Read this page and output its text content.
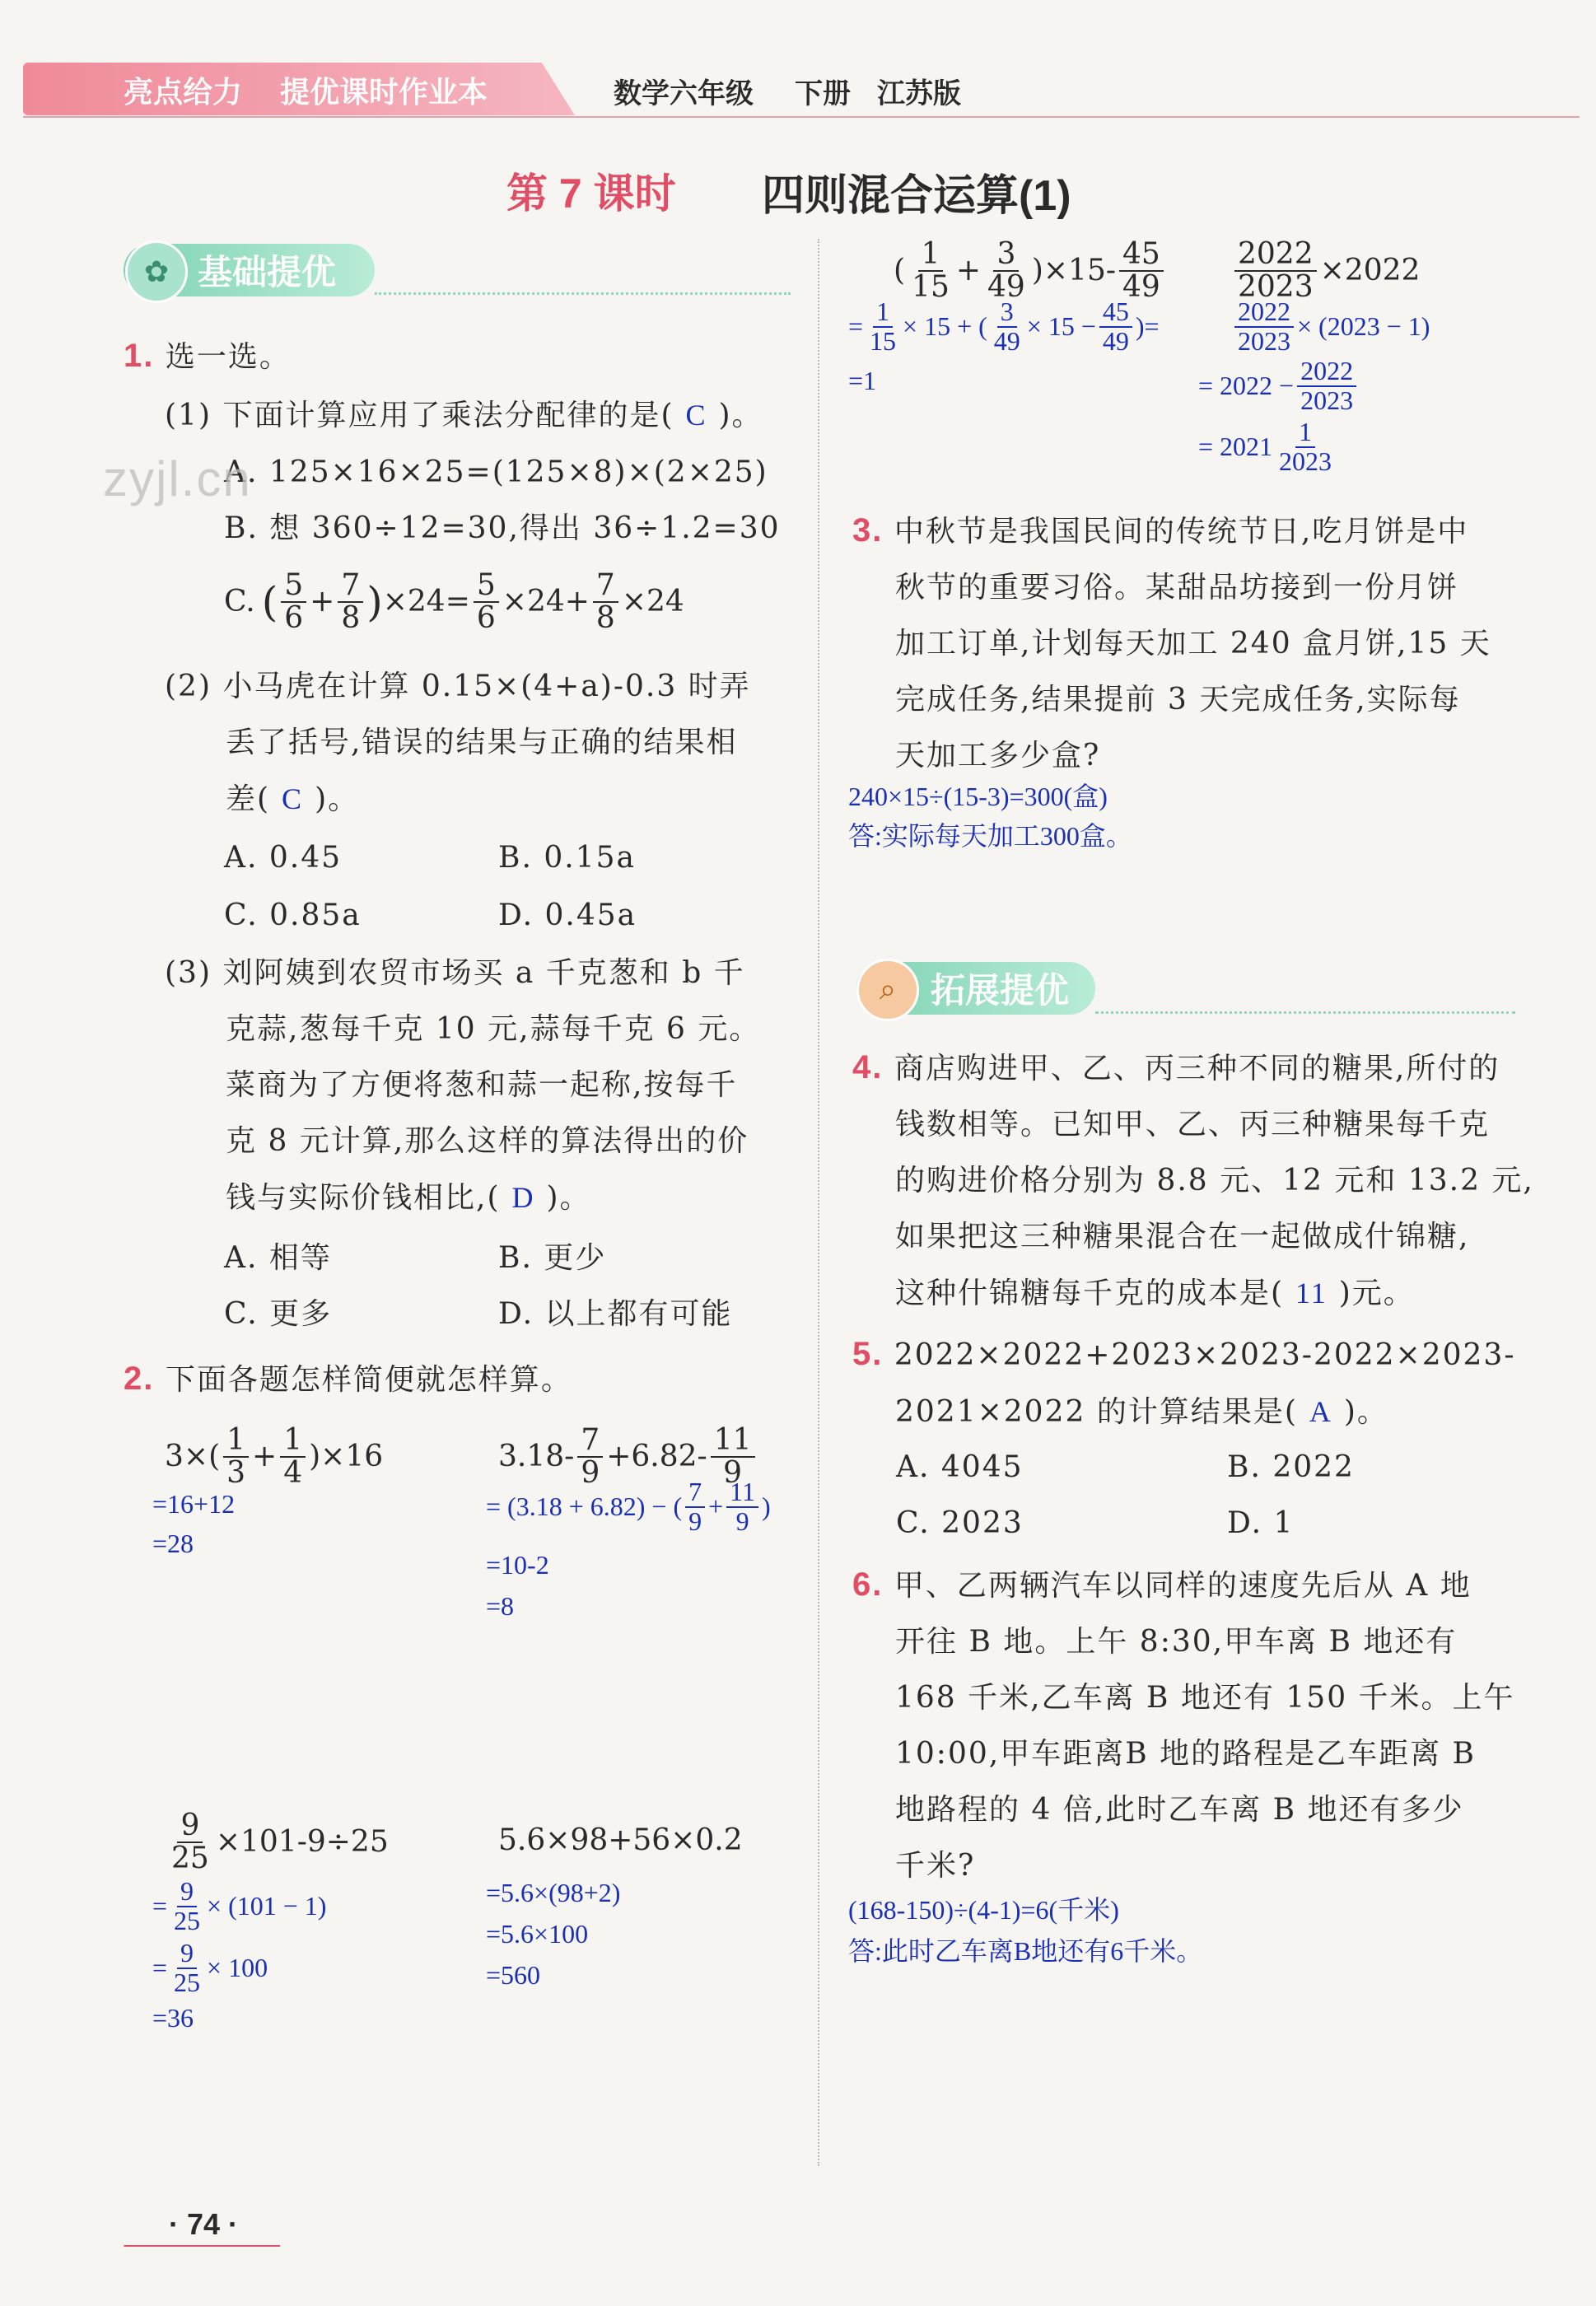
亮点给力 提优课时作业本	数学六年级 下册 江苏版
第 7 课时 四则混合运算(1)
基础提优
✿
1. 选一选。
(1) 下面计算应用了乘法分配律的是( C )。
A. 125×16×25=(125×8)×(2×25)
zyjl.cn
B. 想 360÷12=30,得出 36÷1.2=30
C. ( $\frac{5}{6} + \frac{7}{8}$ ) $\times 24= \frac{5}{6} \times 24+ \frac{7}{8} \times 24$
(2) 小马虎在计算 0.15×(4+a)-0.3 时弄
丢了括号,错误的结果与正确的结果相
差( C )。
A. 0.45	B. 0.15a
C. 0.85a	D. 0.45a
(3) 刘阿姨到农贸市场买 a 千克葱和 b 千
克蒜,葱每千克 10 元,蒜每千克 6 元。
菜商为了方便将葱和蒜一起称,按每千
克 8 元计算,那么这样的算法得出的价
钱与实际价钱相比,( D )。
A. 相等	B. 更少
C. 更多	D. 以上都有可能
2. 下面各题怎样简便就怎样算。
$3\times( \frac{1}{3} + \frac{1}{4} )\times 16$
=16+12
=28
$3.18- \frac{7}{9} +6.82- \frac{11}{9}$
= (3.18 + 6.82) − ( $\frac{7}{9} + \frac{11}{9}$ )
=10-2
=8
$\frac{9}{25} \times 101-9\div 25$
= $\frac{9}{25} \times (101 - 1)$
= $\frac{9}{25} \times 100$
=36
5.6×98+56×0.2
=5.6×(98+2)
=5.6×100
=560
( $\frac{1}{15} + \frac{3}{49} )\times 15- \frac{45}{49}$
= $\frac{1}{15} \times 15$ + ( $\frac{3}{49} \times 15 - \frac{45}{49}$ )=
=1
$\frac{2022}{2023} \times 2022$
$\frac{2022}{2023} \times (2023 - 1)$
= $2022 - \frac{2022}{2023}$
= $2021 \frac{1}{2023}$
3. 中秋节是我国民间的传统节日,吃月饼是中
秋节的重要习俗。某甜品坊接到一份月饼
加工订单,计划每天加工 240 盒月饼,15 天
完成任务,结果提前 3 天完成任务,实际每
天加工多少盒?
240×15÷(15-3)=300(盒)
答:实际每天加工300盒。
拓展提优
⌕
4. 商店购进甲、乙、丙三种不同的糖果,所付的
钱数相等。已知甲、乙、丙三种糖果每千克
的购进价格分别为 8.8 元、12 元和 13.2 元,
如果把这三种糖果混合在一起做成什锦糖,
这种什锦糖每千克的成本是( 11 )元。
5. 2022×2022+2023×2023-2022×2023-
2021×2022 的计算结果是( A )。
A. 4045	B. 2022
C. 2023	D. 1
6. 甲、乙两辆汽车以同样的速度先后从 A 地
开往 B 地。上午 8:30,甲车离 B 地还有
168 千米,乙车离 B 地还有 150 千米。上午
10:00,甲车距离B 地的路程是乙车距离 B
地路程的 4 倍,此时乙车离 B 地还有多少
千米?
(168-150)÷(4-1)=6(千米)
答:此时乙车离B地还有6千米。
· 74 ·
